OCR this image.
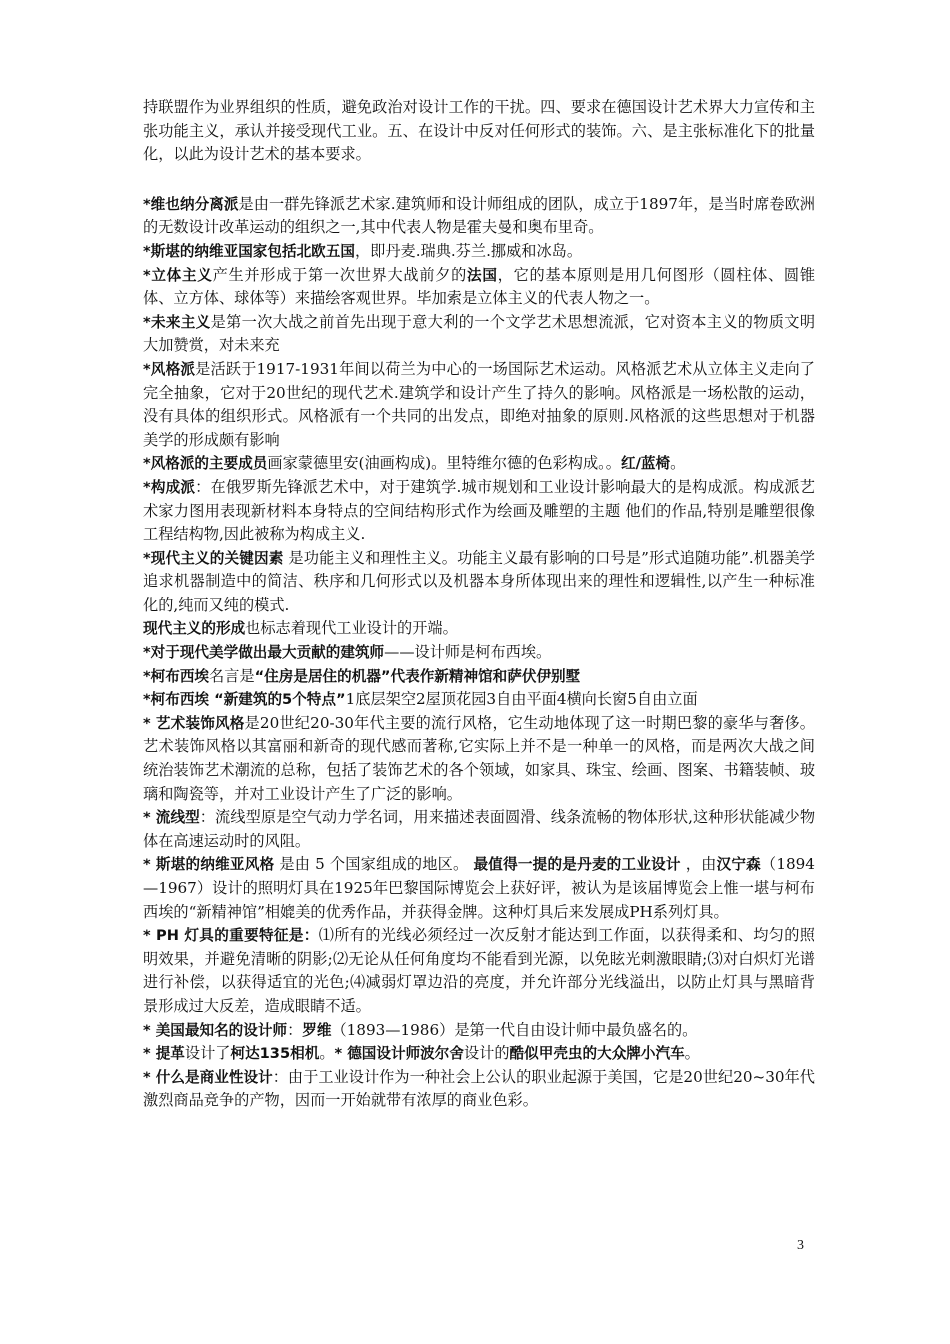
持联盟作为业界组织的性质，避免政治对设计工作的干扰。四、要求在德国设计艺术界大力宣传和主张功能主义，承认并接受现代工业。五、在设计中反对任何形式的装饰。六、是主张标准化下的批量化，以此为设计艺术的基本要求。

*维也纳分离派是由一群先锋派艺术家.建筑师和设计师组成的团队，成立于1897年，是当时席卷欧洲的无数设计改革运动的组织之一,其中代表人物是霍夫曼和奥布里奇。

*斯堪的纳维亚国家包括北欧五国，即丹麦.瑞典.芬兰.挪威和冰岛。

*立体主义产生并形成于第一次世界大战前夕的法国，它的基本原则是用几何图形（圆柱体、圆锥体、立方体、球体等）来描绘客观世界。毕加索是立体主义的代表人物之一。

*未来主义是第一次大战之前首先出现于意大利的一个文学艺术思想流派，它对资本主义的物质文明大加赞赏，对未来充

*风格派是活跃于1917-1931年间以荷兰为中心的一场国际艺术运动。风格派艺术从立体主义走向了完全抽象，它对于20世纪的现代艺术.建筑学和设计产生了持久的影响。风格派是一场松散的运动，没有具体的组织形式。风格派有一个共同的出发点，即绝对抽象的原则.风格派的这些思想对于机器美学的形成颇有影响

*风格派的主要成员画家蒙德里安(油画构成)。里特维尔德的色彩构成。。红/蓝椅。

*构成派：在俄罗斯先锋派艺术中，对于建筑学.城市规划和工业设计影响最大的是构成派。构成派艺术家力图用表现新材料本身特点的空间结构形式作为绘画及雕塑的主题 他们的作品,特别是雕塑很像工程结构物,因此被称为构成主义.

*现代主义的关键因素 是功能主义和理性主义。功能主义最有影响的口号是”形式追随功能”.机器美学追求机器制造中的简洁、秩序和几何形式以及机器本身所体现出来的理性和逻辑性,以产生一种标准化的,纯而又纯的模式.

现代主义的形成也标志着现代工业设计的开端。

*对于现代美学做出最大贡献的建筑师——设计师是柯布西埃。

*柯布西埃名言是“住房是居住的机器”代表作新精神馆和萨伏伊别墅

*柯布西埃 “新建筑的5个特点”1底层架空2屋顶花园3自由平面4横向长窗5自由立面

* 艺术装饰风格是20世纪20-30年代主要的流行风格，它生动地体现了这一时期巴黎的豪华与奢侈。艺术装饰风格以其富丽和新奇的现代感而著称,它实际上并不是一种单一的风格，而是两次大战之间统治装饰艺术潮流的总称，包括了装饰艺术的各个领域，如家具、珠宝、绘画、图案、书籍装帧、玻璃和陶瓷等，并对工业设计产生了广泛的影响。

* 流线型：流线型原是空气动力学名词，用来描述表面圆滑、线条流畅的物体形状,这种形状能减少物体在高速运动时的风阻。

* 斯堪的纳维亚风格 是由 5 个国家组成的地区。 最值得一提的是丹麦的工业设计 ，由汉宁森（1894—1967）设计的照明灯具在1925年巴黎国际博览会上获好评，被认为是该届博览会上惟一堪与柯布西埃的“新精神馆”相媲美的优秀作品，并获得金牌。这种灯具后来发展成PH系列灯具。

* PH 灯具的重要特征是：⑴所有的光线必须经过一次反射才能达到工作面，以获得柔和、均匀的照明效果，并避免清晰的阴影;⑵无论从任何角度均不能看到光源，以免眩光刺激眼睛;⑶对白炽灯光谱进行补偿，以获得适宜的光色;⑷减弱灯罩边沿的亮度，并允许部分光线溢出，以防止灯具与黑暗背景形成过大反差，造成眼睛不适。

* 美国最知名的设计师：罗维（1893—1986）是第一代自由设计师中最负盛名的。

* 提革设计了柯达135相机。* 德国设计师波尔舍设计的酷似甲壳虫的大众牌小汽车。

* 什么是商业性设计：由于工业设计作为一种社会上公认的职业起源于美国，它是20世纪20~30年代激烈商品竞争的产物，因而一开始就带有浓厚的商业色彩。

3
